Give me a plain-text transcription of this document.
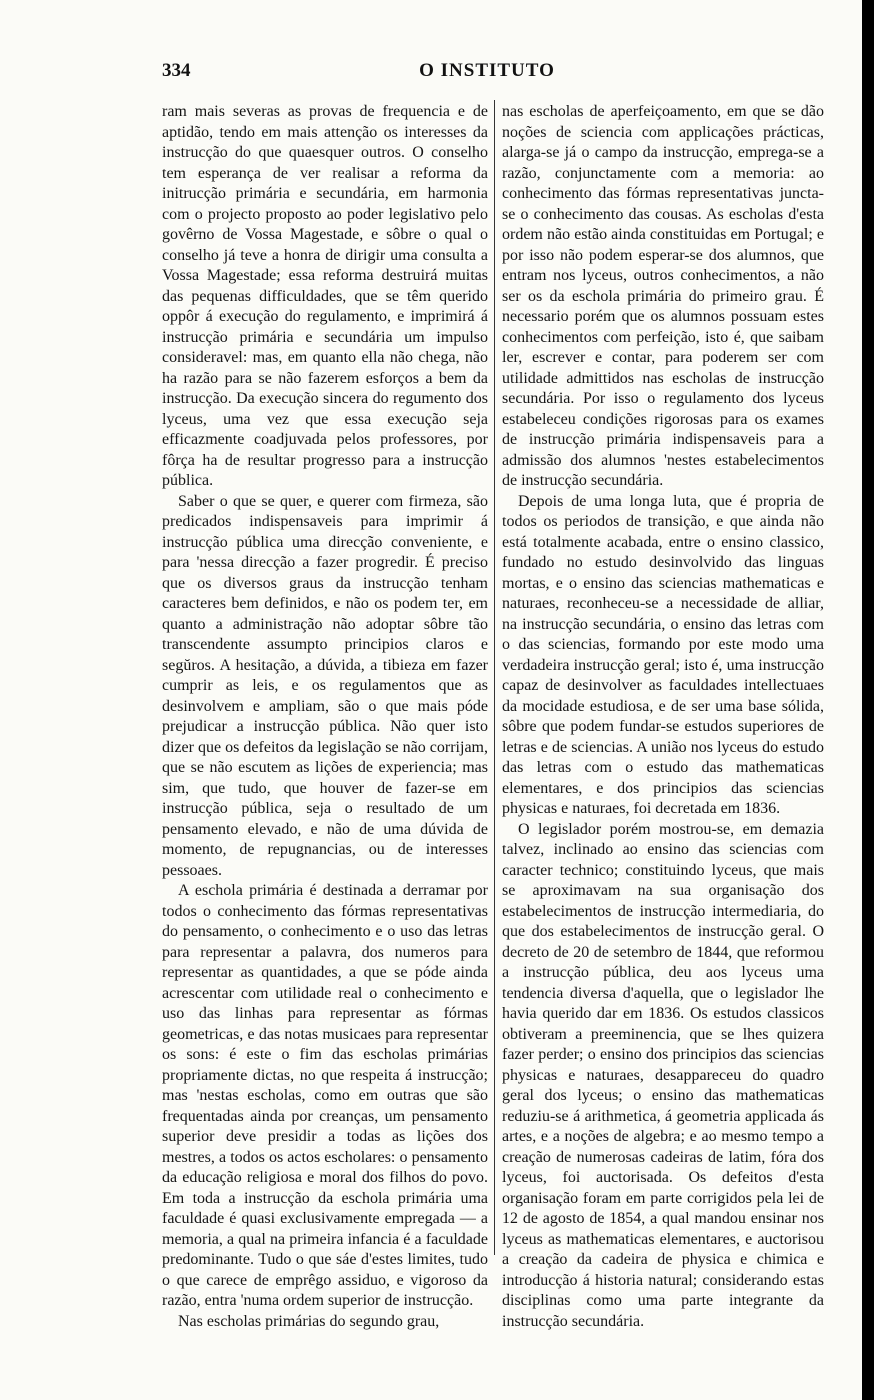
334	O INSTITUTO

ram mais severas as provas de frequencia e de aptidão, tendo em mais attenção os interesses da instrucção do que quaesquer outros. O conselho tem esperança de ver realisar a reforma da initrucção primária e secundária, em harmonia com o projecto proposto ao poder legislativo pelo govêrno de Vossa Magestade, e sôbre o qual o conselho já teve a honra de dirigir uma consulta a Vossa Magestade; essa reforma destruirá muitas das pequenas difficuldades, que se têm querido oppôr á execução do regulamento, e imprimirá á instrucção primária e secundária um impulso consideravel: mas, em quanto ella não chega, não ha razão para se não fazerem esforços a bem da instrucção. Da execução sincera do regumento dos lyceus, uma vez que essa execução seja efficazmente coadjuvada pelos professores, por fôrça ha de resultar progresso para a instrucção pública.

Saber o que se quer, e querer com firmeza, são predicados indispensaveis para imprimir á instrucção pública uma direcção conveniente, e para 'nessa direcção a fazer progredir. É preciso que os diversos graus da instrucção tenham caracteres bem definidos, e não os podem ter, em quanto a administração não adoptar sôbre tão transcendente assumpto principios claros e segŭros. A hesitação, a dúvida, a tibieza em fazer cumprir as leis, e os regulamentos que as desinvolvem e ampliam, são o que mais póde prejudicar a instrucção pública. Não quer isto dizer que os defeitos da legislação se não corrijam, que se não escutem as lições de experiencia; mas sim, que tudo, que houver de fazer-se em instrucção pública, seja o resultado de um pensamento elevado, e não de uma dúvida de momento, de repugnancias, ou de interesses pessoaes.

A eschola primária é destinada a derramar por todos o conhecimento das fórmas representativas do pensamento, o conhecimento e o uso das letras para representar a palavra, dos numeros para representar as quantidades, a que se póde ainda acrescentar com utilidade real o conhecimento e uso das linhas para representar as fórmas geometricas, e das notas musicaes para representar os sons: é este o fim das escholas primárias propriamente dictas, no que respeita á instrucção; mas 'nestas escholas, como em outras que são frequentadas ainda por creanças, um pensamento superior deve presidir a todas as lições dos mestres, a todos os actos escholares: o pensamento da educação religiosa e moral dos filhos do povo. Em toda a instrucção da eschola primária uma faculdade é quasi exclusivamente empregada — a memoria, a qual na primeira infancia é a faculdade predominante. Tudo o que sáe d'estes limites, tudo o que carece de emprêgo assiduo, e vigoroso da razão, entra 'numa ordem superior de instrucção.

Nas escholas primárias do segundo grau,

nas escholas de aperfeiçoamento, em que se dão noções de sciencia com applicações prácticas, alarga-se já o campo da instrucção, emprega-se a razão, conjunctamente com a memoria: ao conhecimento das fórmas representativas juncta-se o conhecimento das cousas. As escholas d'esta ordem não estão ainda constituidas em Portugal; e por isso não podem esperar-se dos alumnos, que entram nos lyceus, outros conhecimentos, a não ser os da eschola primária do primeiro grau. É necessario porém que os alumnos possuam estes conhecimentos com perfeição, isto é, que saibam ler, escrever e contar, para poderem ser com utilidade admittidos nas escholas de instrucção secundária. Por isso o regulamento dos lyceus estabeleceu condições rigorosas para os exames de instrucção primária indispensaveis para a admissão dos alumnos 'nestes estabelecimentos de instrucção secundária.

Depois de uma longa luta, que é propria de todos os periodos de transição, e que ainda não está totalmente acabada, entre o ensino classico, fundado no estudo desinvolvido das linguas mortas, e o ensino das sciencias mathematicas e naturaes, reconheceu-se a necessidade de alliar, na instrucção secundária, o ensino das letras com o das sciencias, formando por este modo uma verdadeira instrucção geral; isto é, uma instrucção capaz de desinvolver as faculdades intellectuaes da mocidade estudiosa, e de ser uma base sólida, sôbre que podem fundar-se estudos superiores de letras e de sciencias. A união nos lyceus do estudo das letras com o estudo das mathematicas elementares, e dos principios das sciencias physicas e naturaes, foi decretada em 1836.

O legislador porém mostrou-se, em demazia talvez, inclinado ao ensino das sciencias com caracter technico; constituindo lyceus, que mais se aproximavam na sua organisação dos estabelecimentos de instrucção intermediaria, do que dos estabelecimentos de instrucção geral. O decreto de 20 de setembro de 1844, que reformou a instrucção pública, deu aos lyceus uma tendencia diversa d'aquella, que o legislador lhe havia querido dar em 1836. Os estudos classicos obtiveram a preeminencia, que se lhes quizera fazer perder; o ensino dos principios das sciencias physicas e naturaes, desappareceu do quadro geral dos lyceus; o ensino das mathematicas reduziu-se á arithmetica, á geometria applicada ás artes, e a noções de algebra; e ao mesmo tempo a creação de numerosas cadeiras de latim, fóra dos lyceus, foi auctorisada. Os defeitos d'esta organisação foram em parte corrigidos pela lei de 12 de agosto de 1854, a qual mandou ensinar nos lyceus as mathematicas elementares, e auctorisou a creação da cadeira de physica e chimica e introducção á historia natural; considerando estas disciplinas como uma parte integrante da instrucção secundária.
